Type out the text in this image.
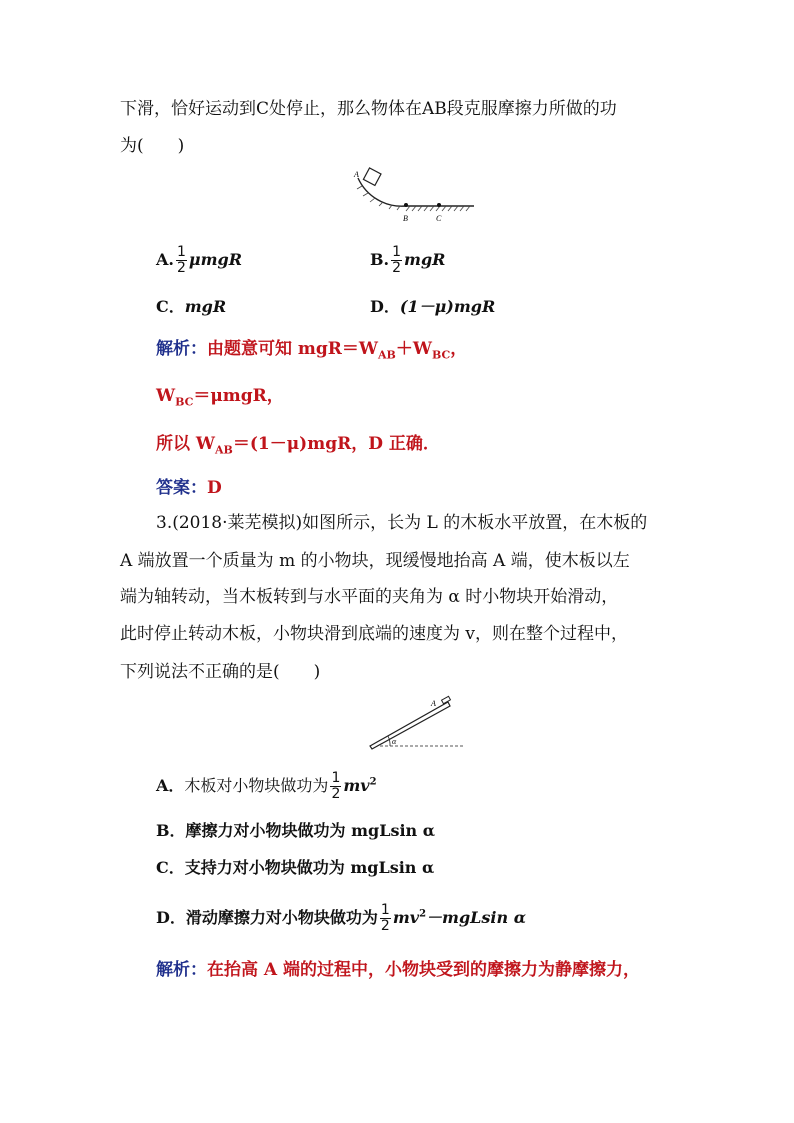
下滑，恰好运动到C处停止，那么物体在AB段克服摩擦力所做的功
为(　　)
A
B	C
A. $\frac{1}{2}$ μmgR	B. $\frac{1}{2}$ mgR
C．mgR	D．(1－μ)mgR
解析：由题意可知 $mgR=W_{AB}+W_{BC}$，
$W_{BC}=\mu mgR$，
所以 $W_{AB}=(1-\mu)mgR$，D 正确．
答案：D
3.(2018·莱芜模拟)如图所示，长为 L 的木板水平放置，在木板的
A 端放置一个质量为 m 的小物块，现缓慢地抬高 A 端，使木板以左
端为轴转动，当木板转到与水平面的夹角为 α 时小物块开始滑动，
此时停止转动木板，小物块滑到底端的速度为 v，则在整个过程中，
下列说法不正确的是(　　)
A
α
A．木板对小物块做功为 $\frac{1}{2} mv^2$
B．摩擦力对小物块做功为 mgLsin α
C．支持力对小物块做功为 mgLsin α
D．滑动摩擦力对小物块做功为 $\frac{1}{2} mv^2-mgLsin$ α
解析：在抬高 A 端的过程中，小物块受到的摩擦力为静摩擦力，
